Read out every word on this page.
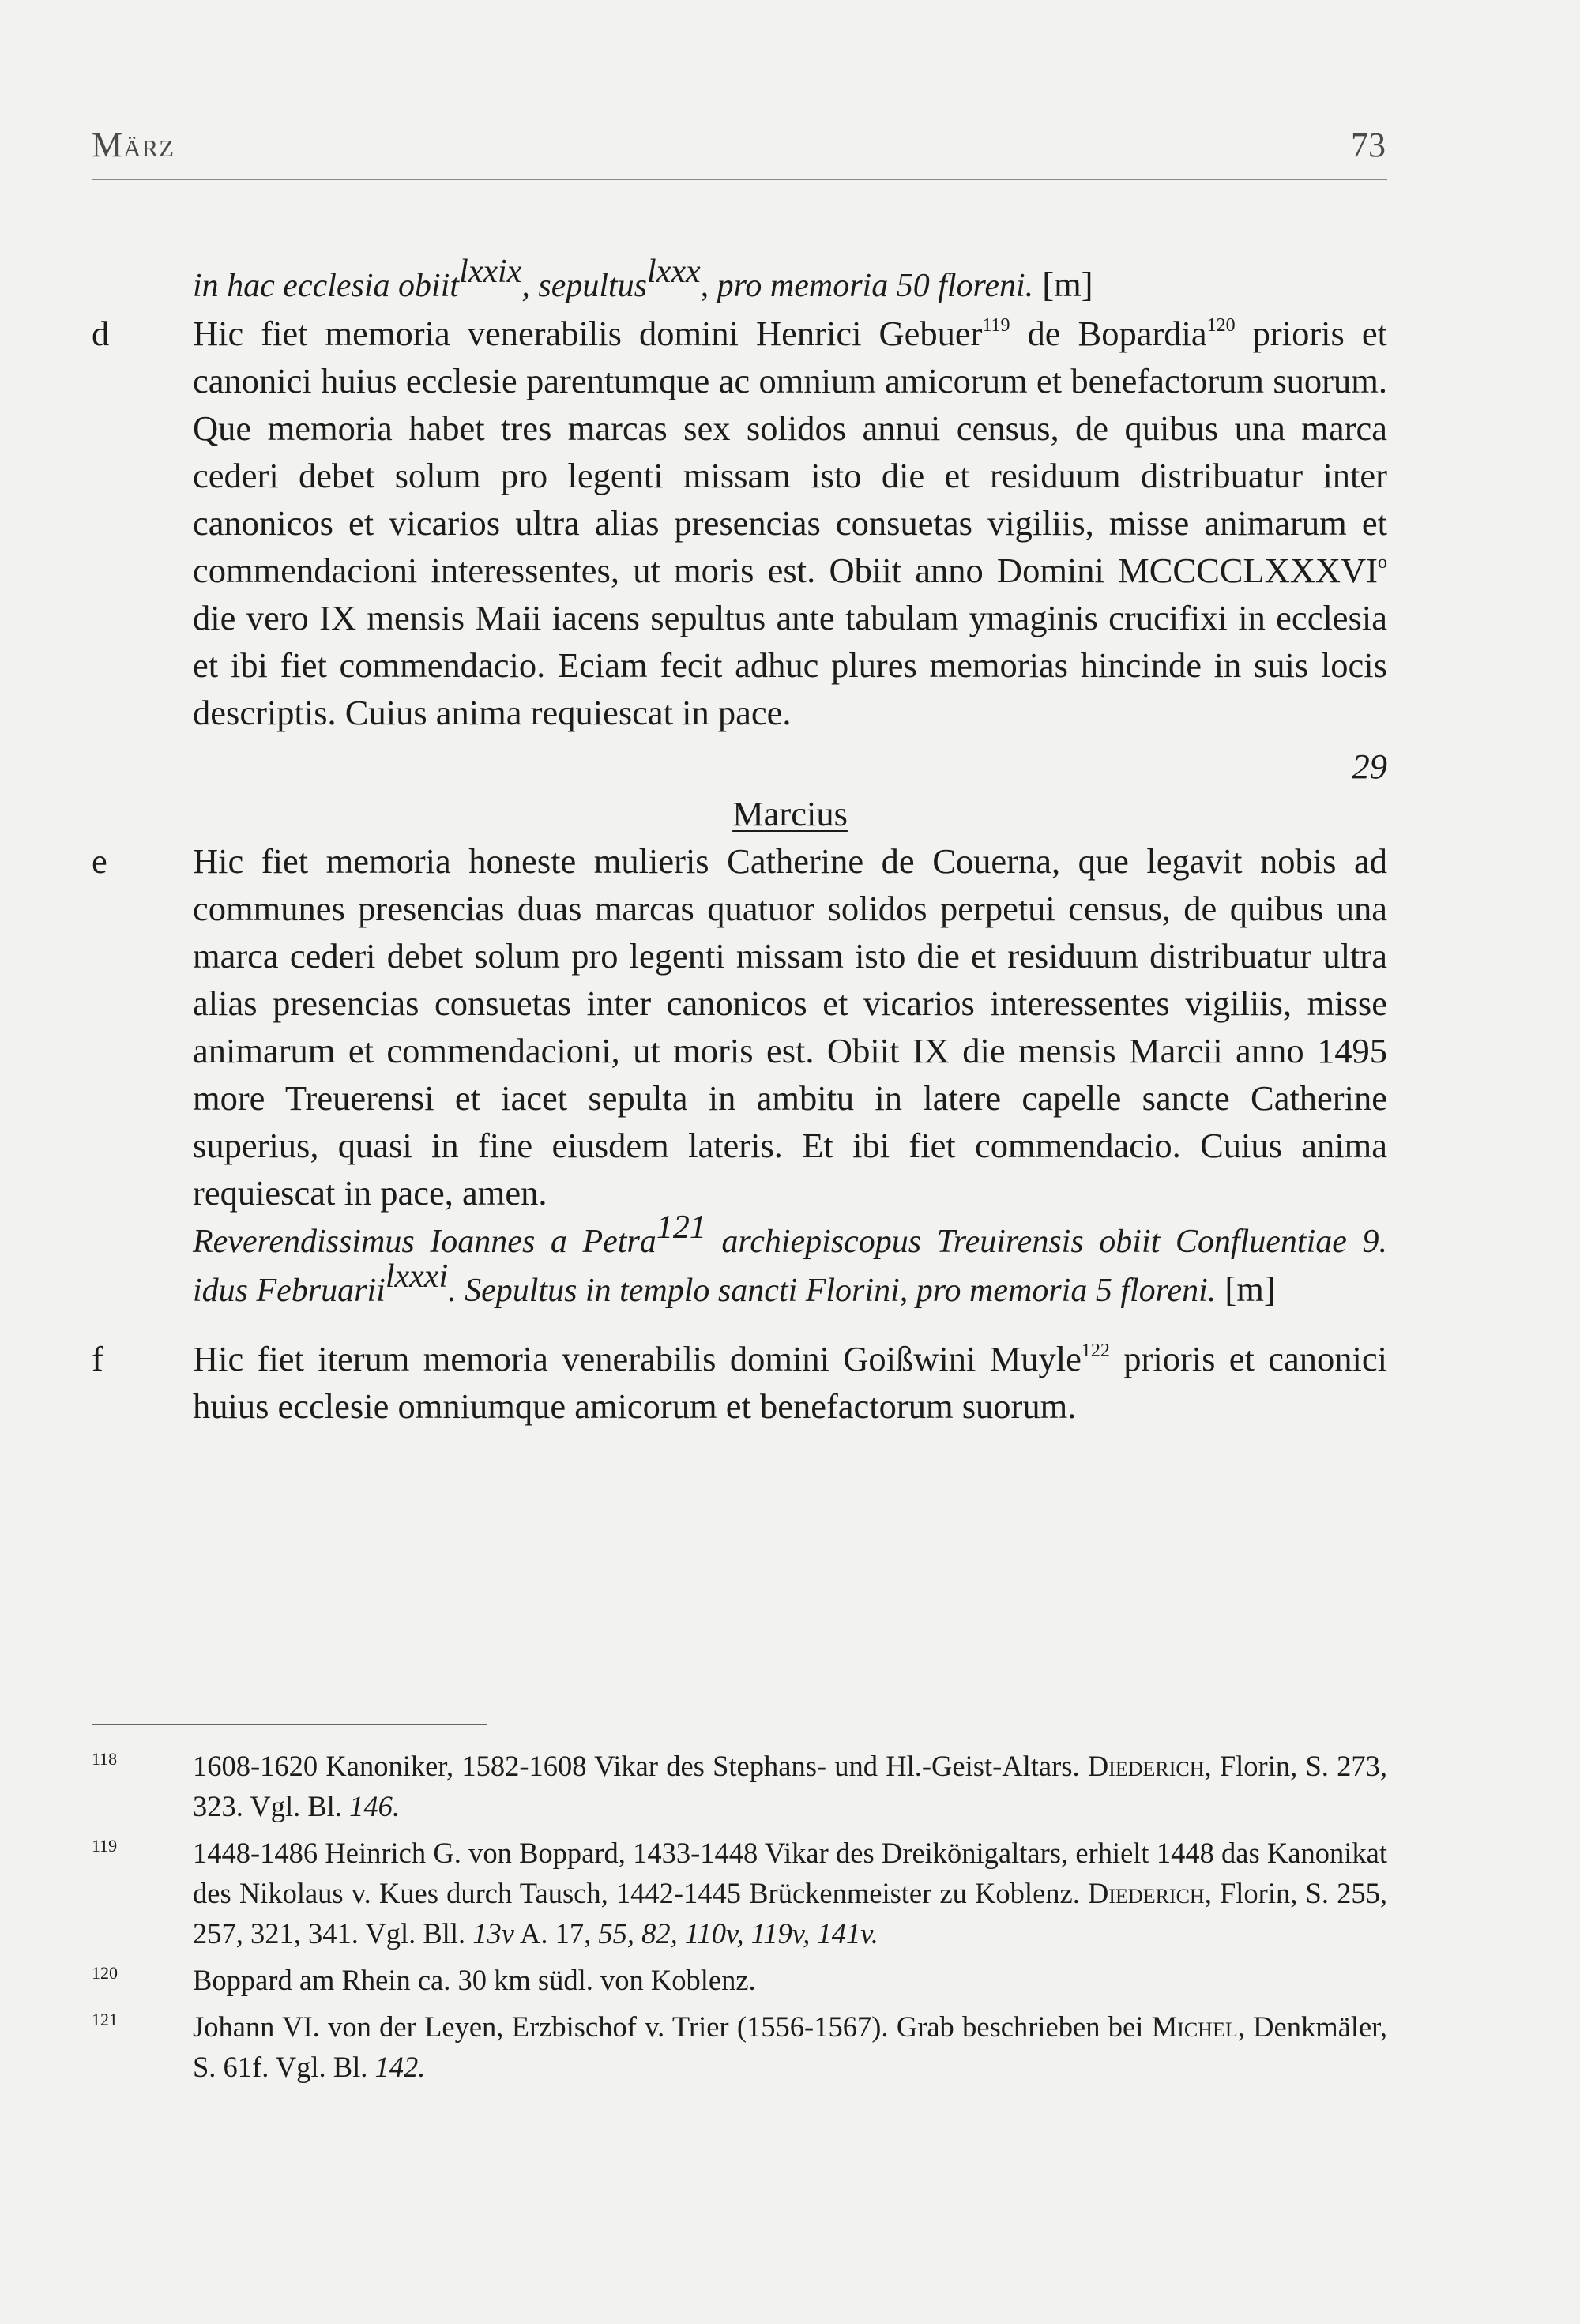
März	73
in hac ecclesia obiit$^{lxxix}$, sepultus$^{lxxx}$, pro memoria 50 floreni. [m]
d Hic fiet memoria venerabilis domini Henrici Gebuer$^{119}$ de Bopardia$^{120}$ prioris et canonici huius ecclesie parentumque ac omnium amicorum et benefactorum suorum. Que memoria habet tres marcas sex solidos annui census, de quibus una marca cederi debet solum pro legenti missam isto die et residuum distribuatur inter canonicos et vicarios ultra alias presencias consuetas vigiliis, misse animarum et commendacioni interessentes, ut moris est. Obiit anno Domini MCCCCLXXXVI$^o$ die vero IX mensis Maii iacens sepultus ante tabulam ymaginis crucifixi in ecclesia et ibi fiet commendacio. Eciam fecit adhuc plures memorias hincinde in suis locis descriptis. Cuius anima requiescat in pace.
29
Marcius
e Hic fiet memoria honeste mulieris Catherine de Couerna, que legavit nobis ad communes presencias duas marcas quatuor solidos perpetui census, de quibus una marca cederi debet solum pro legenti missam isto die et residuum distribuatur ultra alias presencias consuetas inter canonicos et vicarios interessentes vigiliis, misse animarum et commendacioni, ut moris est. Obiit IX die mensis Marcii anno 1495 more Treuerensi et iacet sepulta in ambitu in latere capelle sancte Catherine superius, quasi in fine eiusdem lateris. Et ibi fiet commendacio. Cuius anima requiescat in pace, amen.
Reverendissimus Ioannes a Petra$^{121}$ archiepiscopus Treuirensis obiit Confluentiae 9. idus Februarii$^{lxxxi}$. Sepultus in templo sancti Florini, pro memoria 5 floreni. [m]
f	Hic fiet iterum memoria venerabilis domini Goißwini Muyle$^{122}$ prioris et canonici huius ecclesie omniumque amicorum et benefactorum suorum.
118	1608-1620 Kanoniker, 1582-1608 Vikar des Stephans- und Hl.-Geist-Altars. Diederich, Florin, S. 273, 323. Vgl. Bl. 146.
119	1448-1486 Heinrich G. von Boppard, 1433-1448 Vikar des Dreikönigaltars, erhielt 1448 das Kanonikat des Nikolaus v. Kues durch Tausch, 1442-1445 Brückenmeister zu Koblenz. Diederich, Florin, S. 255, 257, 321, 341. Vgl. Bll. 13v A. 17, 55, 82, 110v, 119v, 141v.
120	Boppard am Rhein ca. 30 km südl. von Koblenz.
121	Johann VI. von der Leyen, Erzbischof v. Trier (1556-1567). Grab beschrieben bei Michel, Denkmäler, S. 61f. Vgl. Bl. 142.
